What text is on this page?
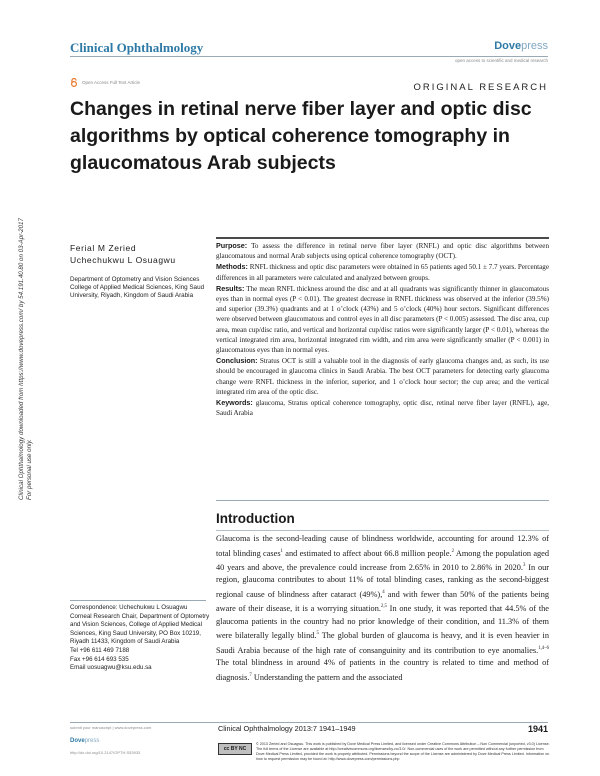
Clinical Ophthalmology	Dovepress
open access to scientific and medical research
Open Access Full Text Article	ORIGINAL RESEARCH
Changes in retinal nerve fiber layer and optic disc algorithms by optical coherence tomography in glaucomatous Arab subjects
Clinical Ophthalmology downloaded from https://www.dovepress.com/ by 54.191.40.80 on 03-Apr-2017 For personal use only.
Ferial M Zeried
Uchechukwu L Osuagwu
Department of Optometry and Vision Sciences College of Applied Medical Sciences, King Saud University, Riyadh, Kingdom of Saudi Arabia

Purpose: To assess the difference in retinal nerve fiber layer (RNFL) and optic disc algorithms between glaucomatous and normal Arab subjects using optical coherence tomography (OCT).

Methods: RNFL thickness and optic disc parameters were obtained in 65 patients aged 50.1 ± 7.7 years. Percentage differences in all parameters were calculated and analyzed between groups.

Results: The mean RNFL thickness around the disc and at all quadrants was significantly thinner in glaucomatous eyes than in normal eyes (P < 0.01). The greatest decrease in RNFL thickness was observed at the inferior (39.5%) and superior (39.3%) quadrants and at 1 o’clock (43%) and 5 o’clock (40%) hour sectors. Significant differences were observed between glaucomatous and control eyes in all disc parameters (P < 0.005) assessed. The disc area, cup area, mean cup/disc ratio, and vertical and horizontal cup/disc ratios were significantly larger (P < 0.01), whereas the vertical integrated rim area, horizontal integrated rim width, and rim area were significantly smaller (P < 0.001) in glaucomatous eyes than in normal eyes.

Conclusion: Stratus OCT is still a valuable tool in the diagnosis of early glaucoma changes and, as such, its use should be encouraged in glaucoma clinics in Saudi Arabia. The best OCT parameters for detecting early glaucoma change were RNFL thickness in the inferior, superior, and 1 o’clock hour sector; the cup area; and the vertical integrated rim area of the optic disc.

Keywords: glaucoma, Stratus optical coherence tomography, optic disc, retinal nerve fiber layer (RNFL), age, Saudi Arabia

Introduction

Glaucoma is the second-leading cause of blindness worldwide, accounting for around 12.3% of total blinding cases$^1$ and estimated to affect about 66.8 million people.$^2$ Among the population aged 40 years and above, the prevalence could increase from 2.65% in 2010 to 2.86% in 2020.$^3$ In our region, glaucoma contributes to about 11% of total blinding cases, ranking as the second-biggest regional cause of blindness after cataract (49%),$^4$ and with fewer than 50% of the patients being aware of their disease, it is a worrying situation.$^{2,5}$ In one study, it was reported that 44.5% of the glaucoma patients in the country had no prior knowledge of their condition, and 11.3% of them were bilaterally legally blind.$^5$ The global burden of glaucoma is heavy, and it is even heavier in Saudi Arabia because of the high rate of consanguinity and its contribution to eye anomalies.$^{1,4-6}$ The total blindness in around 4% of patients in the country is related to time and method of diagnosis.$^7$ Understanding the pattern and the associated

Correspondence: Uchechukwu L Osuagwu
Corneal Research Chair, Department of Optometry and Vision Sciences, College of Applied Medical Sciences, King Saud University, PO Box 10219, Riyadh 11433, Kingdom of Saudi Arabia
Tel +96 611 469 7188
Fax +96 614 693 535
Email uosuagwu@ksu.edu.sa
submit your manuscript | www.dovepress.com
Dovepress
http://dx.doi.org/10.2147/OPTH.S53933
Clinical Ophthalmology 2013:7 1941–1949	1941
cc BY NC
© 2013 Zeried and Osuagwu. This work is published by Dove Medical Press Limited, and licensed under Creative Commons Attribution – Non Commercial (unported, v3.0) License. The full terms of the License are available at http://creativecommons.org/licenses/by-nc/3.0/. Non-commercial uses of the work are permitted without any further permission from Dove Medical Press Limited, provided the work is properly attributed. Permissions beyond the scope of the License are administered by Dove Medical Press Limited. Information on how to request permission may be found at: http://www.dovepress.com/permissions.php
